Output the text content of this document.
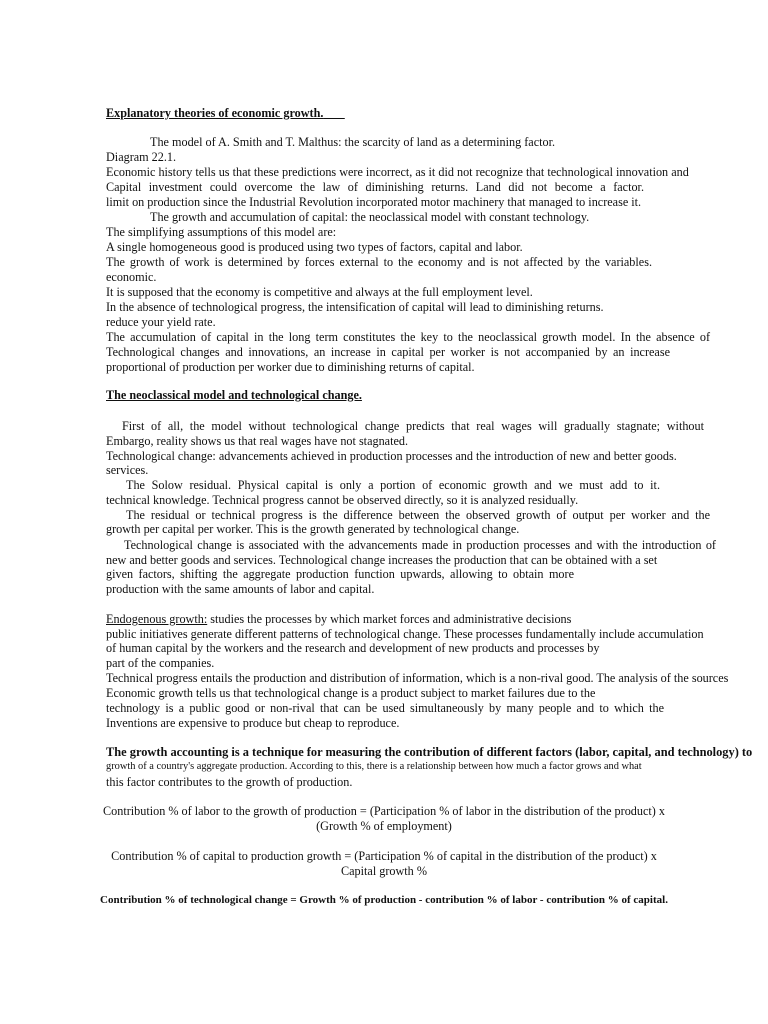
Explanatory theories of economic growth.
The model of A. Smith and T. Malthus: the scarcity of land as a determining factor.
Diagram 22.1.
Economic history tells us that these predictions were incorrect, as it did not recognize that technological innovation and
Capital investment could overcome the law of diminishing returns. Land did not become a factor.
limit on production since the Industrial Revolution incorporated motor machinery that managed to increase it.
The growth and accumulation of capital: the neoclassical model with constant technology.
The simplifying assumptions of this model are:
A single homogeneous good is produced using two types of factors, capital and labor.
The growth of work is determined by forces external to the economy and is not affected by the variables.
economic.
It is supposed that the economy is competitive and always at the full employment level.
In the absence of technological progress, the intensification of capital will lead to diminishing returns.
reduce your yield rate.
The accumulation of capital in the long term constitutes the key to the neoclassical growth model. In the absence of
Technological changes and innovations, an increase in capital per worker is not accompanied by an increase
proportional of production per worker due to diminishing returns of capital.
The neoclassical model and technological change.
First of all, the model without technological change predicts that real wages will gradually stagnate; without
Embargo, reality shows us that real wages have not stagnated.
Technological change: advancements achieved in production processes and the introduction of new and better goods.
services.
The Solow residual. Physical capital is only a portion of economic growth and we must add to it.
technical knowledge. Technical progress cannot be observed directly, so it is analyzed residually.
The residual or technical progress is the difference between the observed growth of output per worker and the
growth per capital per worker. This is the growth generated by technological change.
Technological change is associated with the advancements made in production processes and with the introduction of
new and better goods and services. Technological change increases the production that can be obtained with a set
given factors, shifting the aggregate production function upwards, allowing to obtain more
production with the same amounts of labor and capital.
Endogenous growth: studies the processes by which market forces and administrative decisions
public initiatives generate different patterns of technological change. These processes fundamentally include accumulation
of human capital by the workers and the research and development of new products and processes by
part of the companies.
Technical progress entails the production and distribution of information, which is a non-rival good. The analysis of the sources
Economic growth tells us that technological change is a product subject to market failures due to the
technology is a public good or non-rival that can be used simultaneously by many people and to which the
Inventions are expensive to produce but cheap to reproduce.
The growth accounting is a technique for measuring the contribution of different factors (labor, capital, and technology) to
growth of a country's aggregate production. According to this, there is a relationship between how much a factor grows and what
this factor contributes to the growth of production.
Contribution % of labor to the growth of production = (Participation % of labor in the distribution of the product) x
(Growth % of employment)
Contribution % of capital to production growth = (Participation % of capital in the distribution of the product) x
Capital growth %
Contribution % of technological change = Growth % of production - contribution % of labor - contribution % of capital.
